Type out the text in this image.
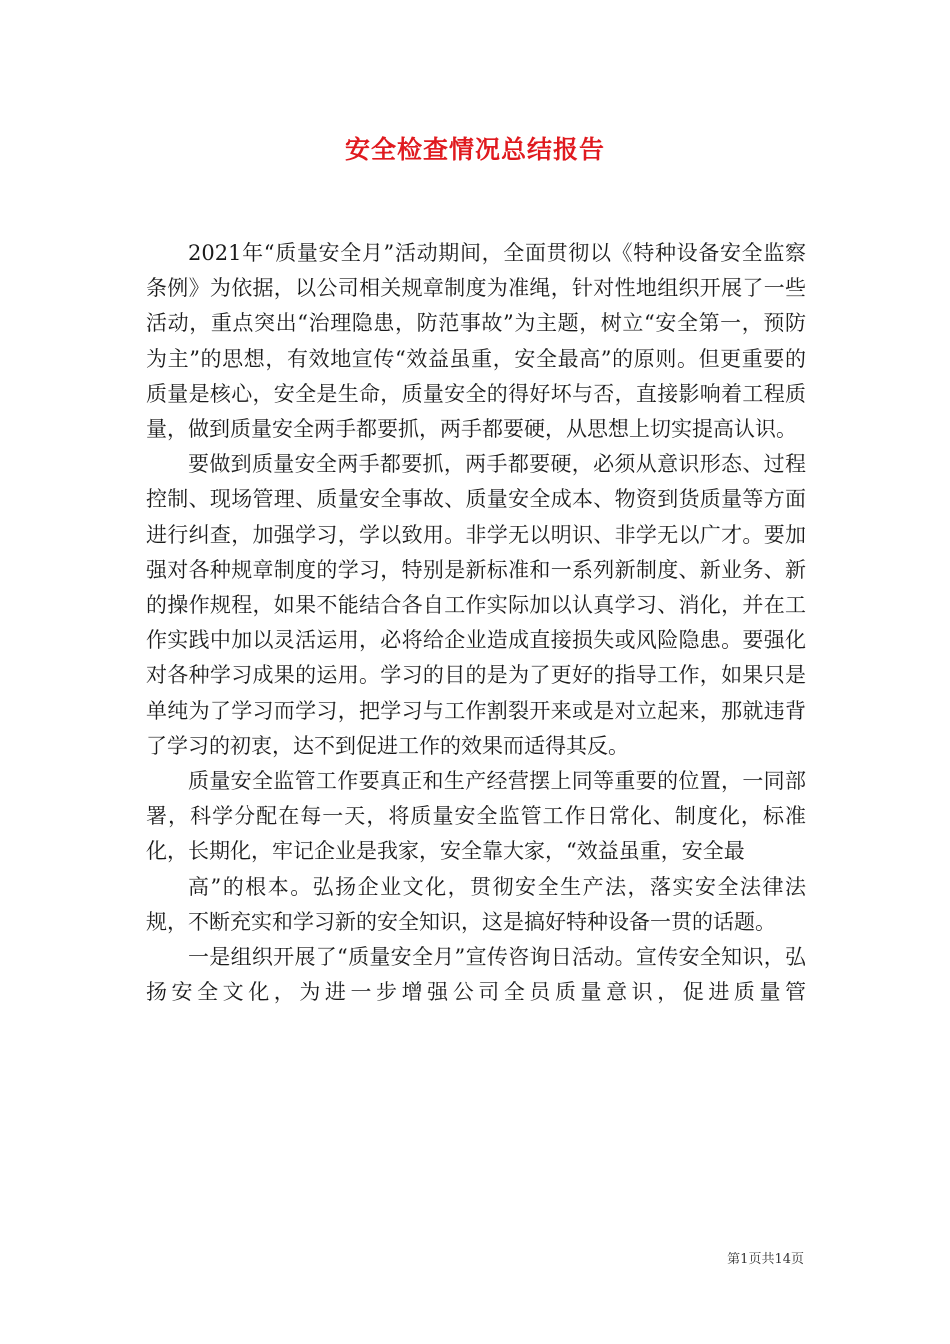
安全检查情况总结报告

2021年“质量安全月”活动期间，全面贯彻以《特种设备安全监察条例》为依据，以公司相关规章制度为准绳，针对性地组织开展了一些活动，重点突出“治理隐患，防范事故”为主题，树立“安全第一，预防为主”的思想，有效地宣传“效益虽重，安全最高”的原则。但更重要的质量是核心，安全是生命，质量安全的得好坏与否，直接影响着工程质量，做到质量安全两手都要抓，两手都要硬，从思想上切实提高认识。

要做到质量安全两手都要抓，两手都要硬，必须从意识形态、过程控制、现场管理、质量安全事故、质量安全成本、物资到货质量等方面进行纠查，加强学习，学以致用。非学无以明识、非学无以广才。要加强对各种规章制度的学习，特别是新标准和一系列新制度、新业务、新的操作规程，如果不能结合各自工作实际加以认真学习、消化，并在工作实践中加以灵活运用，必将给企业造成直接损失或风险隐患。要强化对各种学习成果的运用。学习的目的是为了更好的指导工作，如果只是单纯为了学习而学习，把学习与工作割裂开来或是对立起来，那就违背了学习的初衷，达不到促进工作的效果而适得其反。

质量安全监管工作要真正和生产经营摆上同等重要的位置，一同部署，科学分配在每一天，将质量安全监管工作日常化、制度化，标准化，长期化，牢记企业是我家，安全靠大家，“效益虽重，安全最

高”的根本。弘扬企业文化，贯彻安全生产法，落实安全法律法规，不断充实和学习新的安全知识，这是搞好特种设备一贯的话题。

一是组织开展了“质量安全月”宣传咨询日活动。宣传安全知识，弘扬安全文化，为进一步增强公司全员质量意识，促进质量管

第1页共14页
